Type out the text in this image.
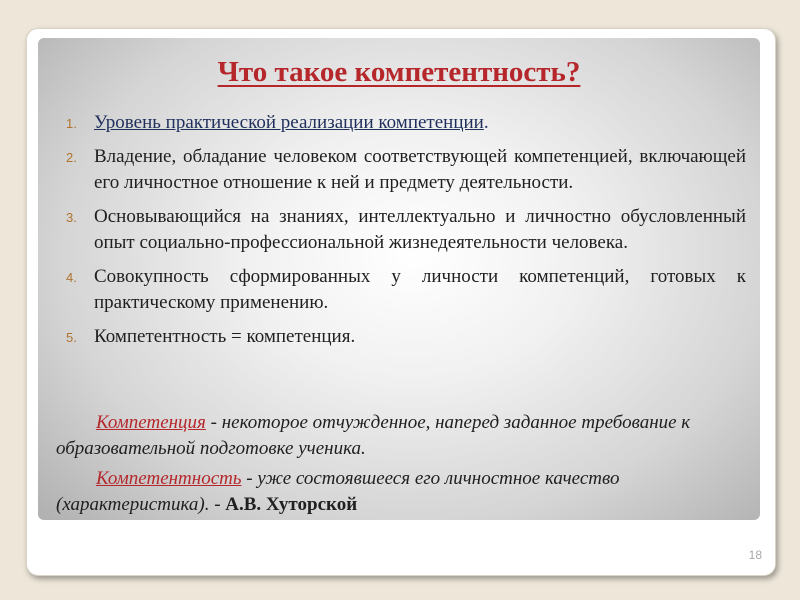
Что такое компетентность?
1. Уровень практической реализации компетенции.
2. Владение, обладание человеком соответствующей компетенцией, включающей его личностное отношение к ней и предмету деятельности.
3. Основывающийся на знаниях, интеллектуально и личностно обусловленный опыт социально-профессиональной жизнедеятельности человека.
4. Совокупность сформированных у личности компетенций, готовых к практическому применению.
5. Компетентность = компетенция.

Компетенция - некоторое отчужденное, наперед заданное требование к образовательной подготовке ученика.

Компетентность - уже состоявшееся его личностное качество (характеристика). - А.В. Хуторской

18
